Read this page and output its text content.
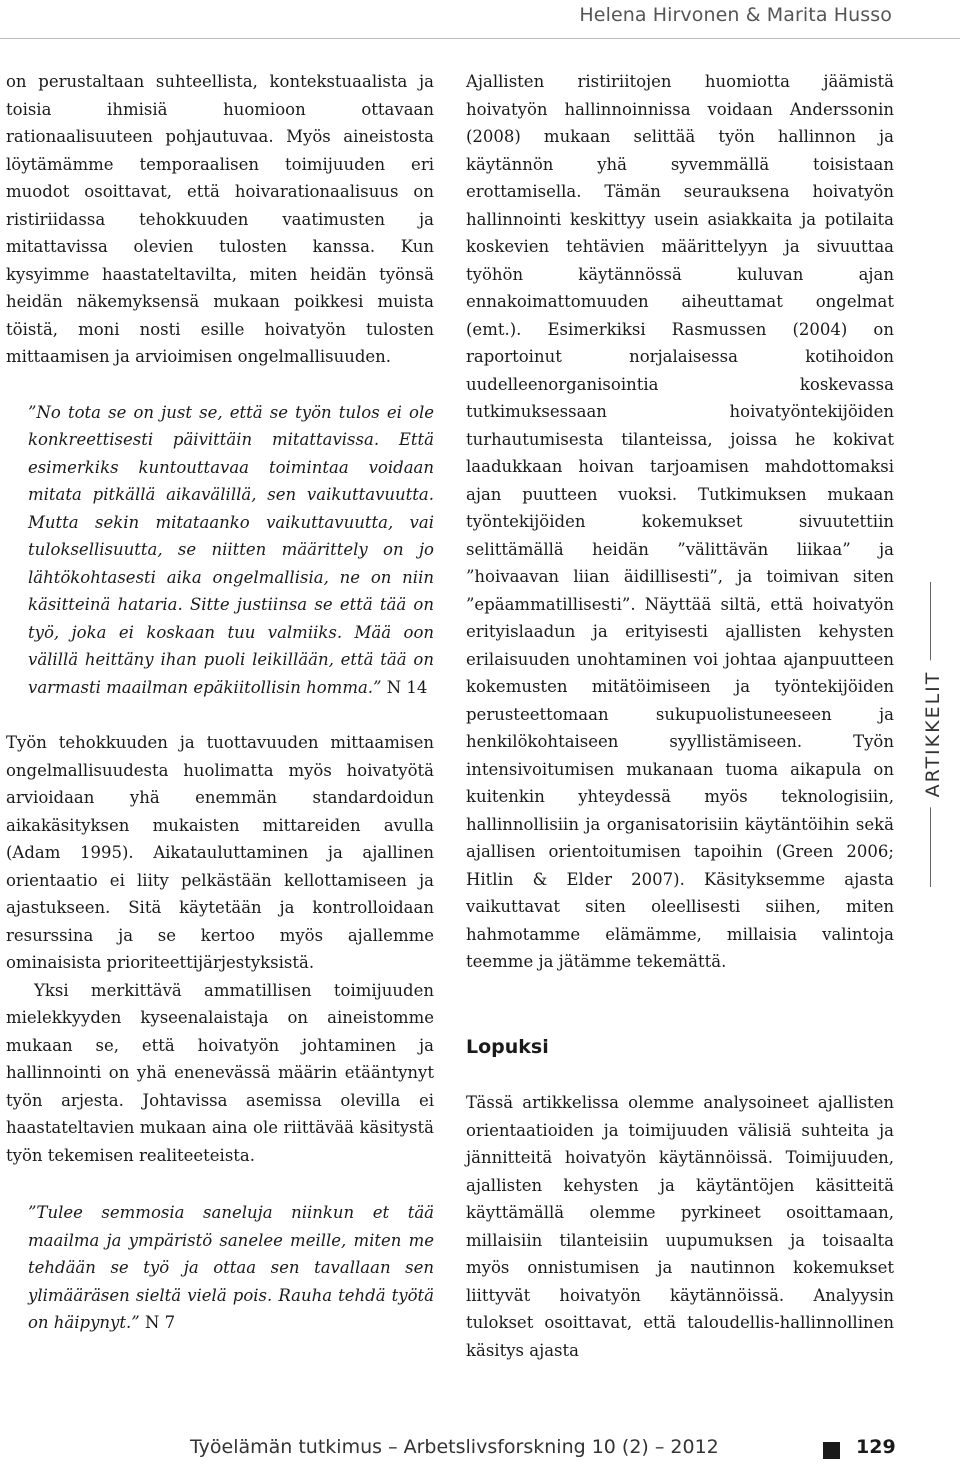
Helena Hirvonen & Marita Husso

on perustaltaan suhteellista, kontekstuaalista ja toisia ihmisiä huomioon ottavaan rationaalisuuteen pohjautuvaa. Myös aineistosta löytämämme temporaalisen toimijuuden eri muodot osoittavat, että hoivarationaalisuus on ristiriidassa tehokkuuden vaatimusten ja mitattavissa olevien tulosten kanssa. Kun kysyimme haastateltavilta, miten heidän työnsä heidän näkemyksensä mukaan poikkesi muista töistä, moni nosti esille hoivatyön tulosten mittaamisen ja arvioimisen ongelmallisuuden.

”No tota se on just se, että se työn tulos ei ole konkreettisesti päivittäin mitattavissa. Että esimerkiks kuntouttavaa toimintaa voidaan mitata pitkällä aikavälillä, sen vaikuttavuutta. Mutta sekin mitataanko vaikuttavuutta, vai tuloksellisuutta, se niitten määrittely on jo lähtökohtasesti aika ongelmallisia, ne on niin käsitteinä hataria. Sitte justiinsa se että tää on työ, joka ei koskaan tuu valmiiks. Mää oon välillä heittäny ihan puoli leikillään, että tää on varmasti maailman epäkiitollisin homma.” N 14

Työn tehokkuuden ja tuottavuuden mittaamisen ongelmallisuudesta huolimatta myös hoivatyötä arvioidaan yhä enemmän standardoidun aikakäsityksen mukaisten mittareiden avulla (Adam 1995). Aikatauluttaminen ja ajallinen orientaatio ei liity pelkästään kellottamiseen ja ajastukseen. Sitä käytetään ja kontrolloidaan resurssina ja se kertoo myös ajallemme ominaisista prioriteettijärjestyksistä.

Yksi merkittävä ammatillisen toimijuuden mielekkyyden kyseenalaistaja on aineistomme mukaan se, että hoivatyön johtaminen ja hallinnointi on yhä enenevässä määrin etääntynyt työn arjesta. Johtavissa asemissa olevilla ei haastateltavien mukaan aina ole riittävää käsitystä työn tekemisen realiteeteista.

”Tulee semmosia saneluja niinkun et tää maailma ja ympäristö sanelee meille, miten me tehdään se työ ja ottaa sen tavallaan sen ylimääräsen sieltä vielä pois. Rauha tehdä työtä on häipynyt.” N 7

Ajallisten ristiriitojen huomiotta jäämistä hoivatyön hallinnoinnissa voidaan Anderssonin (2008) mukaan selittää työn hallinnon ja käytännön yhä syvemmällä toisistaan erottamisella. Tämän seurauksena hoivatyön hallinnointi keskittyy usein asiakkaita ja potilaita koskevien tehtävien määrittelyyn ja sivuuttaa työhön käytännössä kuluvan ajan ennakoimattomuuden aiheuttamat ongelmat (emt.). Esimerkiksi Rasmussen (2004) on raportoinut norjalaisessa kotihoidon uudelleenorganisointia koskevassa tutkimuksessaan hoivatyöntekijöiden turhautumisesta tilanteissa, joissa he kokivat laadukkaan hoivan tarjoamisen mahdottomaksi ajan puutteen vuoksi. Tutkimuksen mukaan työntekijöiden kokemukset sivuutettiin selittämällä heidän ”välittävän liikaa” ja ”hoivaavan liian äidillisesti”, ja toimivan siten ”epäammatillisesti”. Näyttää siltä, että hoivatyön erityislaadun ja erityisesti ajallisten kehysten erilaisuuden unohtaminen voi johtaa ajanpuutteen kokemusten mitätöimiseen ja työntekijöiden perusteettomaan sukupuolistuneeseen ja henkilökohtaiseen syyllistämiseen. Työn intensivoitumisen mukanaan tuoma aikapula on kuitenkin yhteydessä myös teknologisiin, hallinnollisiin ja organisatorisiin käytäntöihin sekä ajallisen orientoitumisen tapoihin (Green 2006; Hitlin & Elder 2007). Käsityksemme ajasta vaikuttavat siten oleellisesti siihen, miten hahmotamme elämämme, millaisia valintoja teemme ja jätämme tekemättä.

Lopuksi

Tässä artikkelissa olemme analysoineet ajallisten orientaatioiden ja toimijuuden välisiä suhteita ja jännitteitä hoivatyön käytännöissä. Toimijuuden, ajallisten kehysten ja käytäntöjen käsitteitä käyttämällä olemme pyrkineet osoittamaan, millaisiin tilanteisiin uupumuksen ja toisaalta myös onnistumisen ja nautinnon kokemukset liittyvät hoivatyön käytännöissä. Analyysin tulokset osoittavat, että taloudellis-hallinnollinen käsitys ajasta

ARTIKKELIT
Työelämän tutkimus – Arbetslivsforskning 10 (2) – 2012	129
